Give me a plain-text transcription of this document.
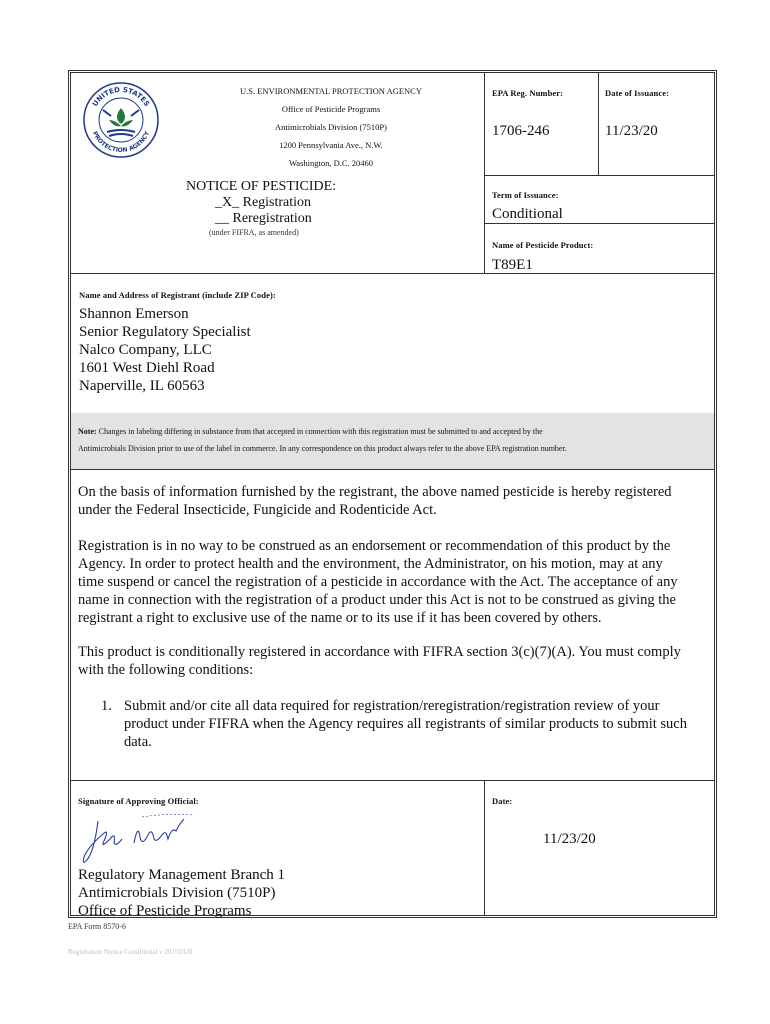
UNITED STATES
PROTECTION AGENCY
U.S. ENVIRONMENTAL PROTECTION AGENCY
Office of Pesticide Programs
Antimicrobials Division (7510P)
1200 Pennsylvania Ave., N.W.
Washington, D.C. 20460
NOTICE OF PESTICIDE:
_X_ Registration
__ Reregistration
(under FIFRA, as amended)
EPA Reg. Number:
1706-246
Date of Issuance:
11/23/20
Term of Issuance:
Conditional
Name of Pesticide Product:
T89E1
Name and Address of Registrant (include ZIP Code):
Shannon Emerson
Senior Regulatory Specialist
Nalco Company, LLC
1601 West Diehl Road
Naperville, IL 60563
Note: Changes in labeling differing in substance from that accepted in connection with this registration must be submitted to and accepted by the
Antimicrobials Division prior to use of the label in commerce. In any correspondence on this product always refer to the above EPA registration number.
On the basis of information furnished by the registrant, the above named pesticide is hereby registered
under the Federal Insecticide, Fungicide and Rodenticide Act.
Registration is in no way to be construed as an endorsement or recommendation of this product by the
Agency. In order to protect health and the environment, the Administrator, on his motion, may at any
time suspend or cancel the registration of a pesticide in accordance with the Act. The acceptance of any
name in connection with the registration of a product under this Act is not to be construed as giving the
registrant a right to exclusive use of the name or to its use if it has been covered by others.
This product is conditionally registered in accordance with FIFRA section 3(c)(7)(A). You must comply
with the following conditions:
1. Submit and/or cite all data required for registration/reregistration/registration review of your
product under FIFRA when the Agency requires all registrants of similar products to submit such
data.
Signature of Approving Official:	Date:
11/23/20
Regulatory Management Branch 1
Antimicrobials Division (7510P)
Office of Pesticide Programs
EPA Form 8570-6
Registration Notice Conditional v 20150320
